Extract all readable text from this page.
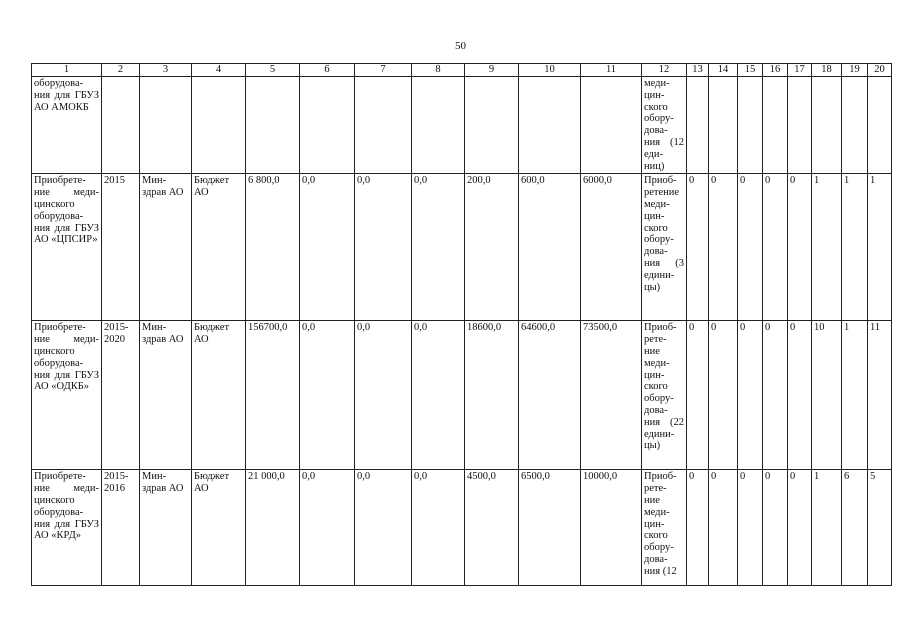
50
1	2	3	4	5	6	7	8	9	10	11	12	13	14	15	16	17	18	19	20
оборудова- ния для ГБУЗ АО АМОКБ											меди- цин- ского обору- дова- ния (12 еди- ниц)								
Приобрете- ние меди- цинского оборудова- ния для ГБУЗ АО «ЦПСИР»	2015	Мин- здрав АО	Бюджет АО	6 800,0	0,0	0,0	0,0	200,0	600,0	6000,0	Приоб- ретение меди- цин- ского обору- дова- ния (3 едини- цы)	0	0	0	0	0	1	1	1
Приобрете- ние меди- цинского оборудова- ния для ГБУЗ АО «ОДКБ»	2015- 2020	Мин- здрав АО	Бюджет АО	156700,0	0,0	0,0	0,0	18600,0	64600,0	73500,0	Приоб- рете- ние меди- цин- ского обору- дова- ния (22 едини- цы)	0	0	0	0	0	10	1	11
Приобрете- ние меди- цинского оборудова- ния для ГБУЗ АО «КРД»	2015- 2016	Мин- здрав АО	Бюджет АО	21 000,0	0,0	0,0	0,0	4500,0	6500,0	10000,0	Приоб- рете- ние меди- цин- ского обору- дова- ния (12	0	0	0	0	0	1	6	5
